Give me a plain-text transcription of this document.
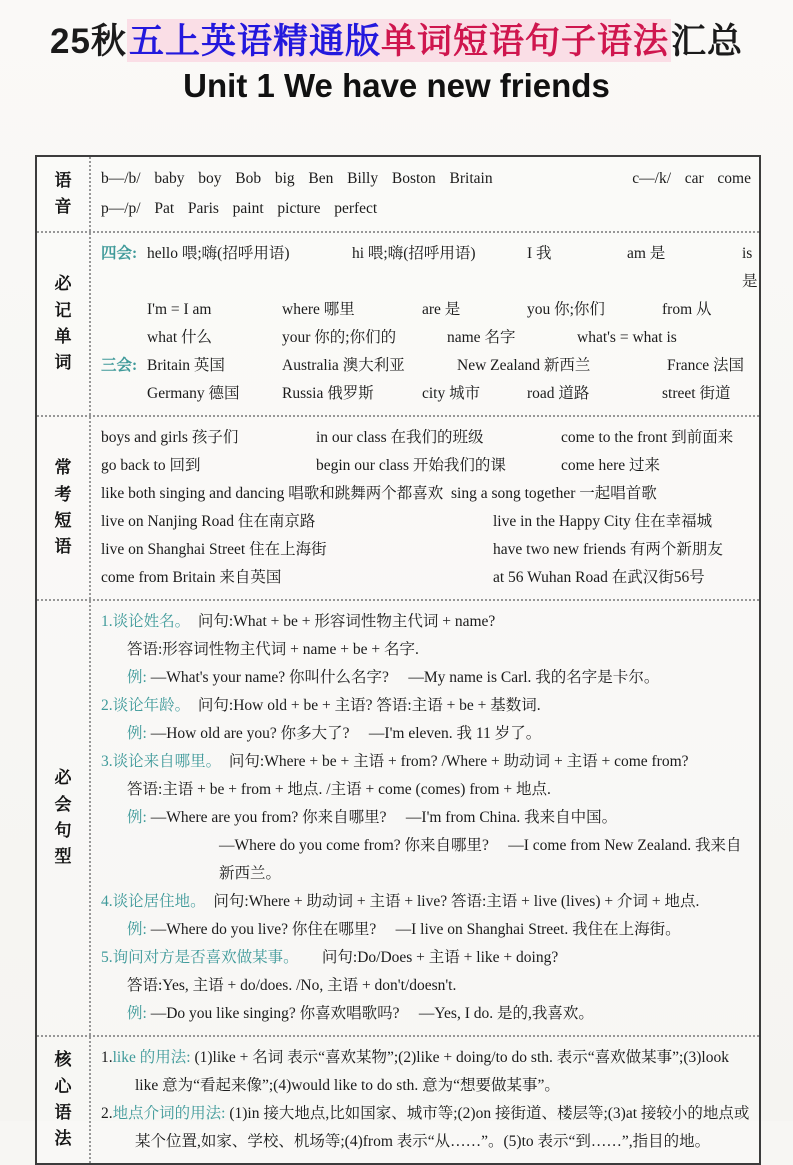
25秋五上英语精通版单词短语句子语法汇总
Unit 1 We have new friends
语音
b—/b/  baby  boy  Bob  big  Ben  Billy  Boston  Britain	c—/k/  car  come
p—/p/  Pat  Paris  paint  picture  perfect
必记单词
四会: hello 喂;嗨(招呼用语)	hi 喂;嗨(招呼用语)	I 我	am 是	is 是
I'm = I am	where 哪里	are 是	you 你;你们	from 从
what 什么	your 你的;你们的	name 名字	what's = what is
三会: Britain 英国	Australia 澳大利亚	New Zealand 新西兰	France 法国
Germany 德国	Russia 俄罗斯	city 城市	road 道路	street 街道
常考短语
boys and girls 孩子们	in our class 在我们的班级	come to the front 到前面来
go back to 回到	begin our class 开始我们的课	come here 过来
like both singing and dancing 唱歌和跳舞两个都喜欢 sing a song together 一起唱首歌
live on Nanjing Road 住在南京路	live in the Happy City 住在幸福城
live on Shanghai Street 住在上海街	have two new friends 有两个新朋友
come from Britain 来自英国	at 56 Wuhan Road 在武汉街56号
必会句型
1.谈论姓名。　问句:What + be + 形容词性物主代词 + name?
答语:形容词性物主代词 + name + be + 名字.
例: —What's your name? 你叫什么名字?　 —My name is Carl. 我的名字是卡尔。
2.谈论年龄。　问句:How old + be + 主语? 答语:主语 + be + 基数词.
例: —How old are you? 你多大了?　 —I'm eleven. 我 11 岁了。
3.谈论来自哪里。　问句:Where + be + 主语 + from? /Where + 助动词 + 主语 + come from?
答语:主语 + be + from + 地点. /主语 + come (comes) from + 地点.
例: —Where are you from? 你来自哪里?　 —I'm from China. 我来自中国。
—Where do you come from? 你来自哪里?　 —I come from New Zealand. 我来自新西兰。
4.谈论居住地。　问句:Where + 助动词 + 主语 + live? 答语:主语 + live (lives) + 介词 + 地点.
例: —Where do you live? 你住在哪里?　 —I live on Shanghai Street. 我住在上海街。
5.询问对方是否喜欢做某事。　　问句:Do/Does + 主语 + like + doing?
答语:Yes, 主语 + do/does. /No, 主语 + don't/doesn't.
例: —Do you like singing? 你喜欢唱歌吗?　 —Yes, I do. 是的,我喜欢。
核心语法
1.like 的用法: (1)like + 名词 表示“喜欢某物”;(2)like + doing/to do sth. 表示“喜欢做某事”;(3)look like 意为“看起来像”;(4)would like to do sth. 意为“想要做某事”。
2.地点介词的用法: (1)in 接大地点,比如国家、城市等;(2)on 接街道、楼层等;(3)at 接较小的地点或某个位置,如家、学校、机场等;(4)from 表示“从……”。(5)to 表示“到……”,指目的地。
